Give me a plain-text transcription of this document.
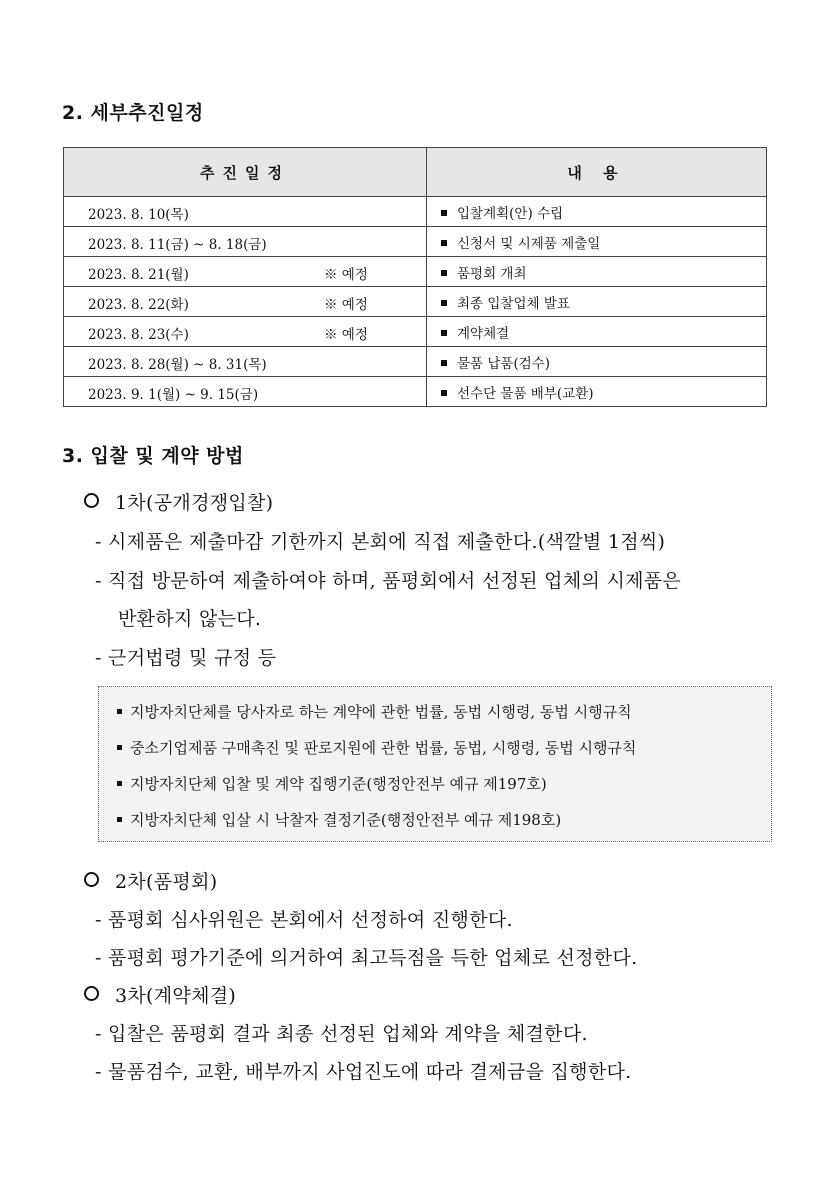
2. 세부추진일정
추진일정	내 용

2023. 8. 10(목)	입찰계획(안) 수립

2023. 8. 11(금) ~ 8. 18(금)	신청서 및 시제품 제출일

2023. 8. 21(월) ※ 예정	품평회 개최

2023. 8. 22(화) ※ 예정	최종 입찰업체 발표

2023. 8. 23(수) ※ 예정	계약체결

2023. 8. 28(월) ~ 8. 31(목)	물품 납품(검수)

2023. 9. 1(월) ~ 9. 15(금)	선수단 물품 배부(교환)
3. 입찰 및 계약 방법
1차(공개경쟁입찰)
- 시제품은 제출마감 기한까지 본회에 직접 제출한다.(색깔별 1점씩)
- 직접 방문하여 제출하여야 하며, 품평회에서 선정된 업체의 시제품은
반환하지 않는다.
- 근거법령 및 규정 등
지방자치단체를 당사자로 하는 계약에 관한 법률, 동법 시행령, 동법 시행규칙
중소기업제품 구매촉진 및 판로지원에 관한 법률, 동법, 시행령, 동법 시행규칙
지방자치단체 입찰 및 계약 집행기준(행정안전부 예규 제197호)
지방자치단체 입살 시 낙찰자 결정기준(행정안전부 예규 제198호)
2차(품평회)
- 품평회 심사위원은 본회에서 선정하여 진행한다.
- 품평회 평가기준에 의거하여 최고득점을 득한 업체로 선정한다.
3차(계약체결)
- 입찰은 품평회 결과 최종 선정된 업체와 계약을 체결한다.
- 물품검수, 교환, 배부까지 사업진도에 따라 결제금을 집행한다.
